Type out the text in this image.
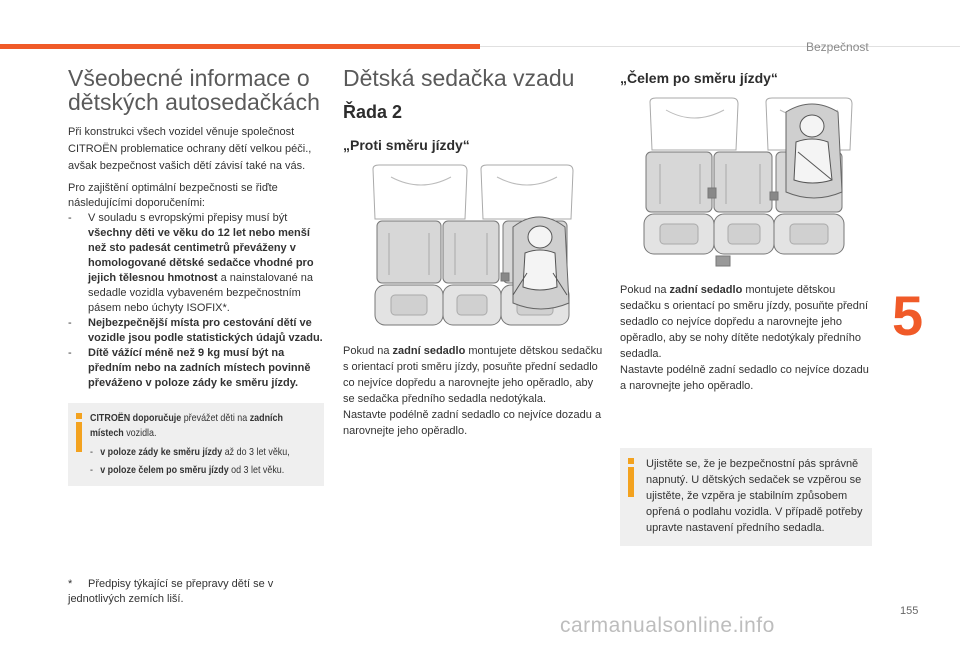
Bezpečnost
5
155
carmanualsonline.info
Všeobecné informace o dětských autosedačkách

Při konstrukci všech vozidel věnuje společnost CITROËN problematice ochrany dětí velkou péči., avšak bezpečnost vašich dětí závisí také na vás.

Pro zajištění optimální bezpečnosti se řiďte následujícími doporučeními:

- V souladu s evropskými přepisy musí být všechny děti ve věku do 12 let nebo menší než sto padesát centimetrů převáženy v homologované dětské sedačce vhodné pro jejich tělesnou hmotnost a nainstalované na sedadle vozidla vybaveném bezpečnostním pásem nebo úchyty ISOFIX*.
- Nejbezpečnější místa pro cestování dětí ve vozidle jsou podle statistických údajů vzadu.
- Dítě vážící méně než 9 kg musí být na předním nebo na zadních místech povinně převáženo v poloze zády ke směru jízdy.
CITROËN doporučuje převážet děti na zadních místech vozidla.
- v poloze zády ke směru jízdy až do 3 let věku,
- v poloze čelem po směru jízdy od 3 let věku.
* Předpisy týkající se přepravy dětí se v jednotlivých zemích liší.
Dětská sedačka vzadu
Řada 2
„Proti směru jízdy“

Pokud na zadní sedadlo montujete dětskou sedačku s orientací proti směru jízdy, posuňte přední sedadlo co nejvíce dopředu a narovnejte jeho opěradlo, aby se sedačka předního sedadla nedotýkala.

Nastavte podélně zadní sedadlo co nejvíce dozadu a narovnejte jeho opěradlo.

„Čelem po směru jízdy“

Pokud na zadní sedadlo montujete dětskou sedačku s orientací po směru jízdy, posuňte přední sedadlo co nejvíce dopředu a narovnejte jeho opěradlo, aby se nohy dítěte nedotýkaly předního sedadla.

Nastavte podélně zadní sedadlo co nejvíce dozadu a narovnejte jeho opěradlo.

Ujistěte se, že je bezpečnostní pás správně napnutý. U dětských sedaček se vzpěrou se ujistěte, že vzpěra je stabilním způsobem opřená o podlahu vozidla. V případě potřeby upravte nastavení předního sedadla.
